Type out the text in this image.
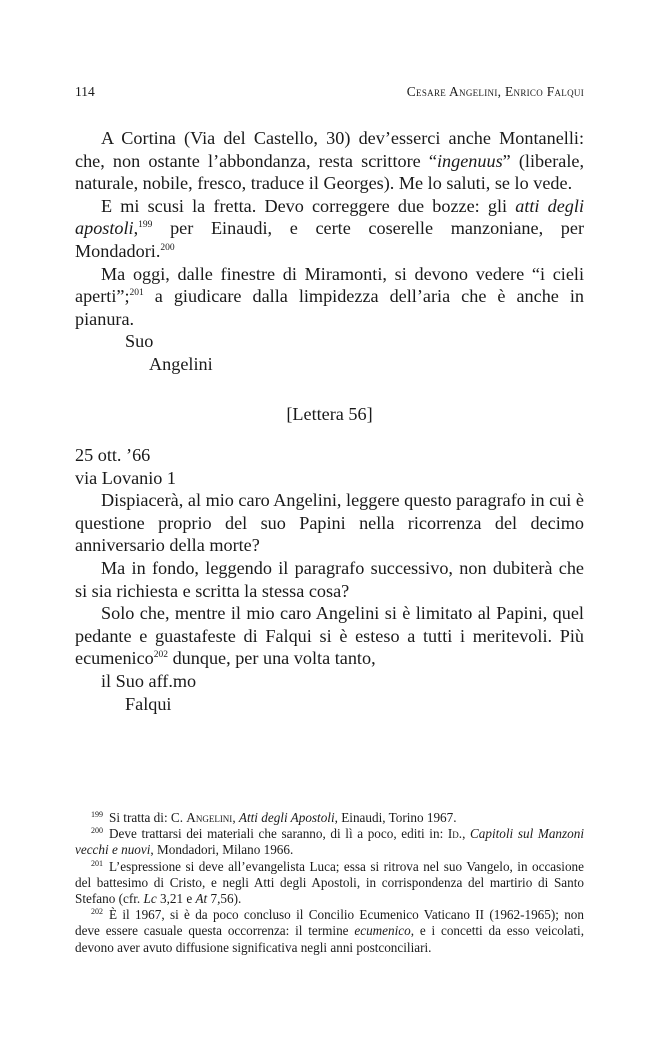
114	Cesare Angelini, Enrico Falqui

A Cortina (Via del Castello, 30) dev’esserci anche Montanelli: che, non ostante l’abbondanza, resta scrittore “ingenuus” (liberale, naturale, nobile, fresco, traduce il Georges). Me lo saluti, se lo vede.

E mi scusi la fretta. Devo correggere due bozze: gli atti degli apostoli,$^{199}$ per Einaudi, e certe coserelle manzoniane, per Mondadori.$^{200}$

Ma oggi, dalle finestre di Miramonti, si devono vedere “i cieli aperti”;$^{201}$ a giudicare dalla limpidezza dell’aria che è anche in pianura.

Suo

Angelini

[Lettera 56]

25 ott. ’66

via Lovanio 1

Dispiacerà, al mio caro Angelini, leggere questo paragrafo in cui è questione proprio del suo Papini nella ricorrenza del decimo anniversario della morte?

Ma in fondo, leggendo il paragrafo successivo, non dubiterà che si sia richiesta e scritta la stessa cosa?

Solo che, mentre il mio caro Angelini si è limitato al Papini, quel pedante e guastafeste di Falqui si è esteso a tutti i meritevoli. Più ecumenico$^{202}$ dunque, per una volta tanto,

il Suo aff.mo

Falqui

$^{199}$ Si tratta di: C. Angelini, Atti degli Apostoli, Einaudi, Torino 1967.

$^{200}$ Deve trattarsi dei materiali che saranno, di lì a poco, editi in: Id., Capitoli sul Manzoni vecchi e nuovi, Mondadori, Milano 1966.

$^{201}$ L’espressione si deve all’evangelista Luca; essa si ritrova nel suo Vangelo, in occasione del battesimo di Cristo, e negli Atti degli Apostoli, in corrispondenza del martirio di Santo Stefano (cfr. Lc 3,21 e At 7,56).

$^{202}$ È il 1967, si è da poco concluso il Concilio Ecumenico Vaticano II (1962-1965); non deve essere casuale questa occorrenza: il termine ecumenico, e i concetti da esso veicolati, devono aver avuto diffusione significativa negli anni postconciliari.
